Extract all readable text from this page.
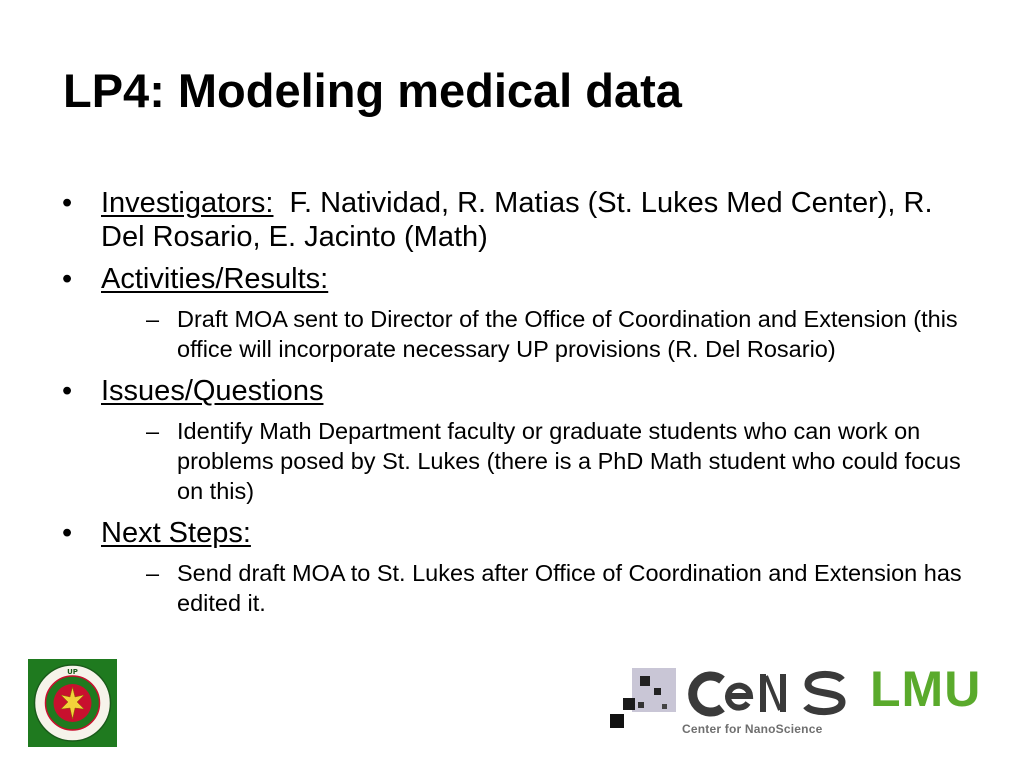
LP4: Modeling medical data
• Investigators: F. Natividad, R. Matias (St. Lukes Med Center), R. Del Rosario, E. Jacinto (Math)
• Activities/Results:
– Draft MOA sent to Director of the Office of Coordination and Extension (this office will incorporate necessary UP provisions (R. Del Rosario)
• Issues/Questions
– Identify Math Department faculty or graduate students who can work on problems posed by St. Lukes (there is a PhD Math student who could focus on this)
• Next Steps:
– Send draft MOA to St. Lukes after Office of Coordination and Extension has edited it.
UP
Center for NanoScience
LMU
